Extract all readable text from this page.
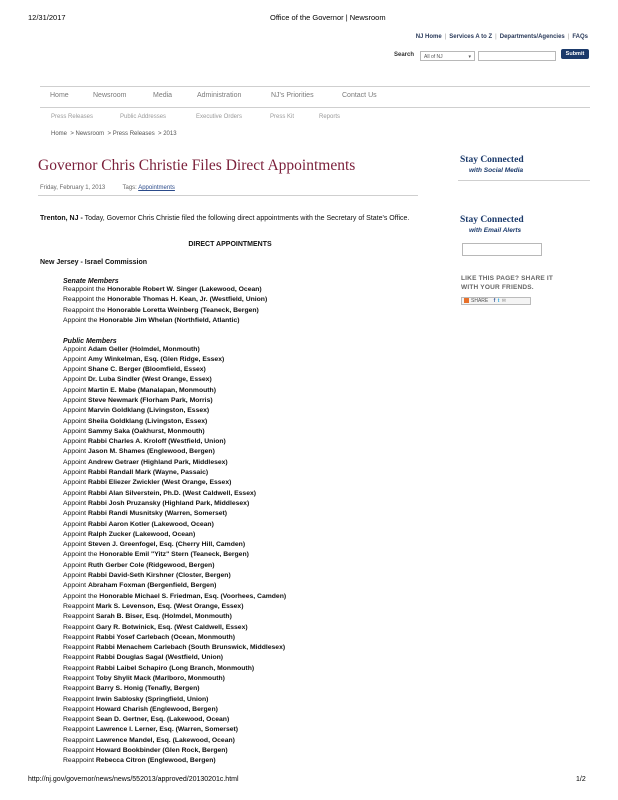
12/31/2017	Office of the Governor | Newsroom
NJ Home | Services A to Z | Departments/Agencies | FAQs
Search	All of NJ	▾	Submit
Home	Newsroom	Media	Administration	NJ's Priorities	Contact Us
Press Releases	Public Addresses	Executive Orders	Press Kit	Reports
Home  > Newsroom  > Press Releases  > 2013
Governor Chris Christie Files Direct Appointments
Friday, February 1, 2013	Tags: Appointments
Trenton, NJ - Today, Governor Chris Christie filed the following direct appointments with the Secretary of State's Office.
DIRECT APPOINTMENTS
New Jersey - Israel Commission
Senate Members
Reappoint the Honorable Robert W. Singer (Lakewood, Ocean)
Reappoint the Honorable Thomas H. Kean, Jr. (Westfield, Union)
Reappoint the Honorable Loretta Weinberg (Teaneck, Bergen)
Appoint the Honorable Jim Whelan (Northfield, Atlantic)
Public Members
Appoint Adam Geller (Holmdel, Monmouth)
Appoint Amy Winkelman, Esq. (Glen Ridge, Essex)
Appoint Shane C. Berger (Bloomfield, Essex)
Appoint Dr. Luba Sindler (West Orange, Essex)
Appoint Martin E. Mabe (Manalapan, Monmouth)
Appoint Steve Newmark (Florham Park, Morris)
Appoint Marvin Goldklang (Livingston, Essex)
Appoint Sheila Goldklang (Livingston, Essex)
Appoint Sammy Saka (Oakhurst, Monmouth)
Appoint Rabbi Charles A. Kroloff (Westfield, Union)
Appoint Jason M. Shames (Englewood, Bergen)
Appoint Andrew Getraer (Highland Park, Middlesex)
Appoint Rabbi Randall Mark (Wayne, Passaic)
Appoint Rabbi Eliezer Zwickler (West Orange, Essex)
Appoint Rabbi Alan Silverstein, Ph.D. (West Caldwell, Essex)
Appoint Rabbi Josh Pruzansky (Highland Park, Middlesex)
Appoint Rabbi Randi Musnitsky (Warren, Somerset)
Appoint Rabbi Aaron Kotler (Lakewood, Ocean)
Appoint Ralph Zucker (Lakewood, Ocean)
Appoint Steven J. Greenfogel, Esq. (Cherry Hill, Camden)
Appoint the Honorable Emil "Yitz" Stern (Teaneck, Bergen)
Appoint Ruth Gerber Cole (Ridgewood, Bergen)
Appoint Rabbi David-Seth Kirshner (Closter, Bergen)
Appoint Abraham Foxman (Bergenfield, Bergen)
Appoint the Honorable Michael S. Friedman, Esq. (Voorhees, Camden)
Reappoint Mark S. Levenson, Esq. (West Orange, Essex)
Reappoint Sarah B. Biser, Esq. (Holmdel, Monmouth)
Reappoint Gary R. Botwinick, Esq. (West Caldwell, Essex)
Reappoint Rabbi Yosef Carlebach (Ocean, Monmouth)
Reappoint Rabbi Menachem Carlebach (South Brunswick, Middlesex)
Reappoint Rabbi Douglas Sagal (Westfield, Union)
Reappoint Rabbi Laibel Schapiro (Long Branch, Monmouth)
Reappoint Toby Shylit Mack (Marlboro, Monmouth)
Reappoint Barry S. Honig (Tenafly, Bergen)
Reappoint Irwin Sablosky (Springfield, Union)
Reappoint Howard Charish (Englewood, Bergen)
Reappoint Sean D. Gertner, Esq. (Lakewood, Ocean)
Reappoint Lawrence I. Lerner, Esq. (Warren, Somerset)
Reappoint Lawrence Mandel, Esq. (Lakewood, Ocean)
Reappoint Howard Bookbinder (Glen Rock, Bergen)
Reappoint Rebecca Citron (Englewood, Bergen)
Stay Connected
with Social Media
Stay Connected
with Email Alerts
LIKE THIS PAGE? SHARE IT WITH YOUR FRIENDS.
SHARE f t ✉
http://nj.gov/governor/news/news/552013/approved/20130201c.html	1/2
